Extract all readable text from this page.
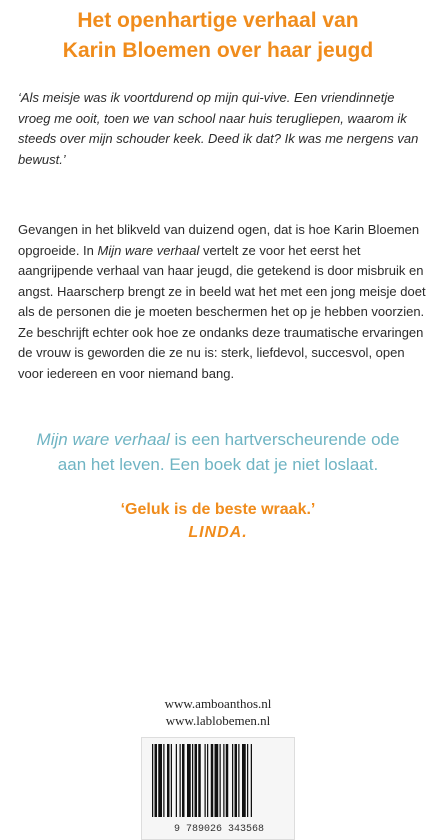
Het openhartige verhaal van
Karin Bloemen over haar jeugd
‘Als meisje was ik voortdurend op mijn qui-vive. Een vriendinnetje vroeg me ooit, toen we van school naar huis terugliepen, waarom ik steeds over mijn schouder keek. Deed ik dat? Ik was me nergens van bewust.’

Gevangen in het blikveld van duizend ogen, dat is hoe Karin Bloemen opgroeide. In Mijn ware verhaal vertelt ze voor het eerst het aangrijpende verhaal van haar jeugd, die getekend is door misbruik en angst. Haarscherp brengt ze in beeld wat het met een jong meisje doet als de personen die je moeten beschermen het op je hebben voorzien.

Ze beschrijft echter ook hoe ze ondanks deze traumatische ervaringen de vrouw is geworden die ze nu is: sterk, liefdevol, succesvol, open voor iedereen en voor niemand bang.

Mijn ware verhaal is een hartverscheurende ode
aan het leven. Een boek dat je niet loslaat.
‘Geluk is de beste wraak.’
LINDA.
www.amboanthos.nl
www.lablobemen.nl
9 789026 343568
